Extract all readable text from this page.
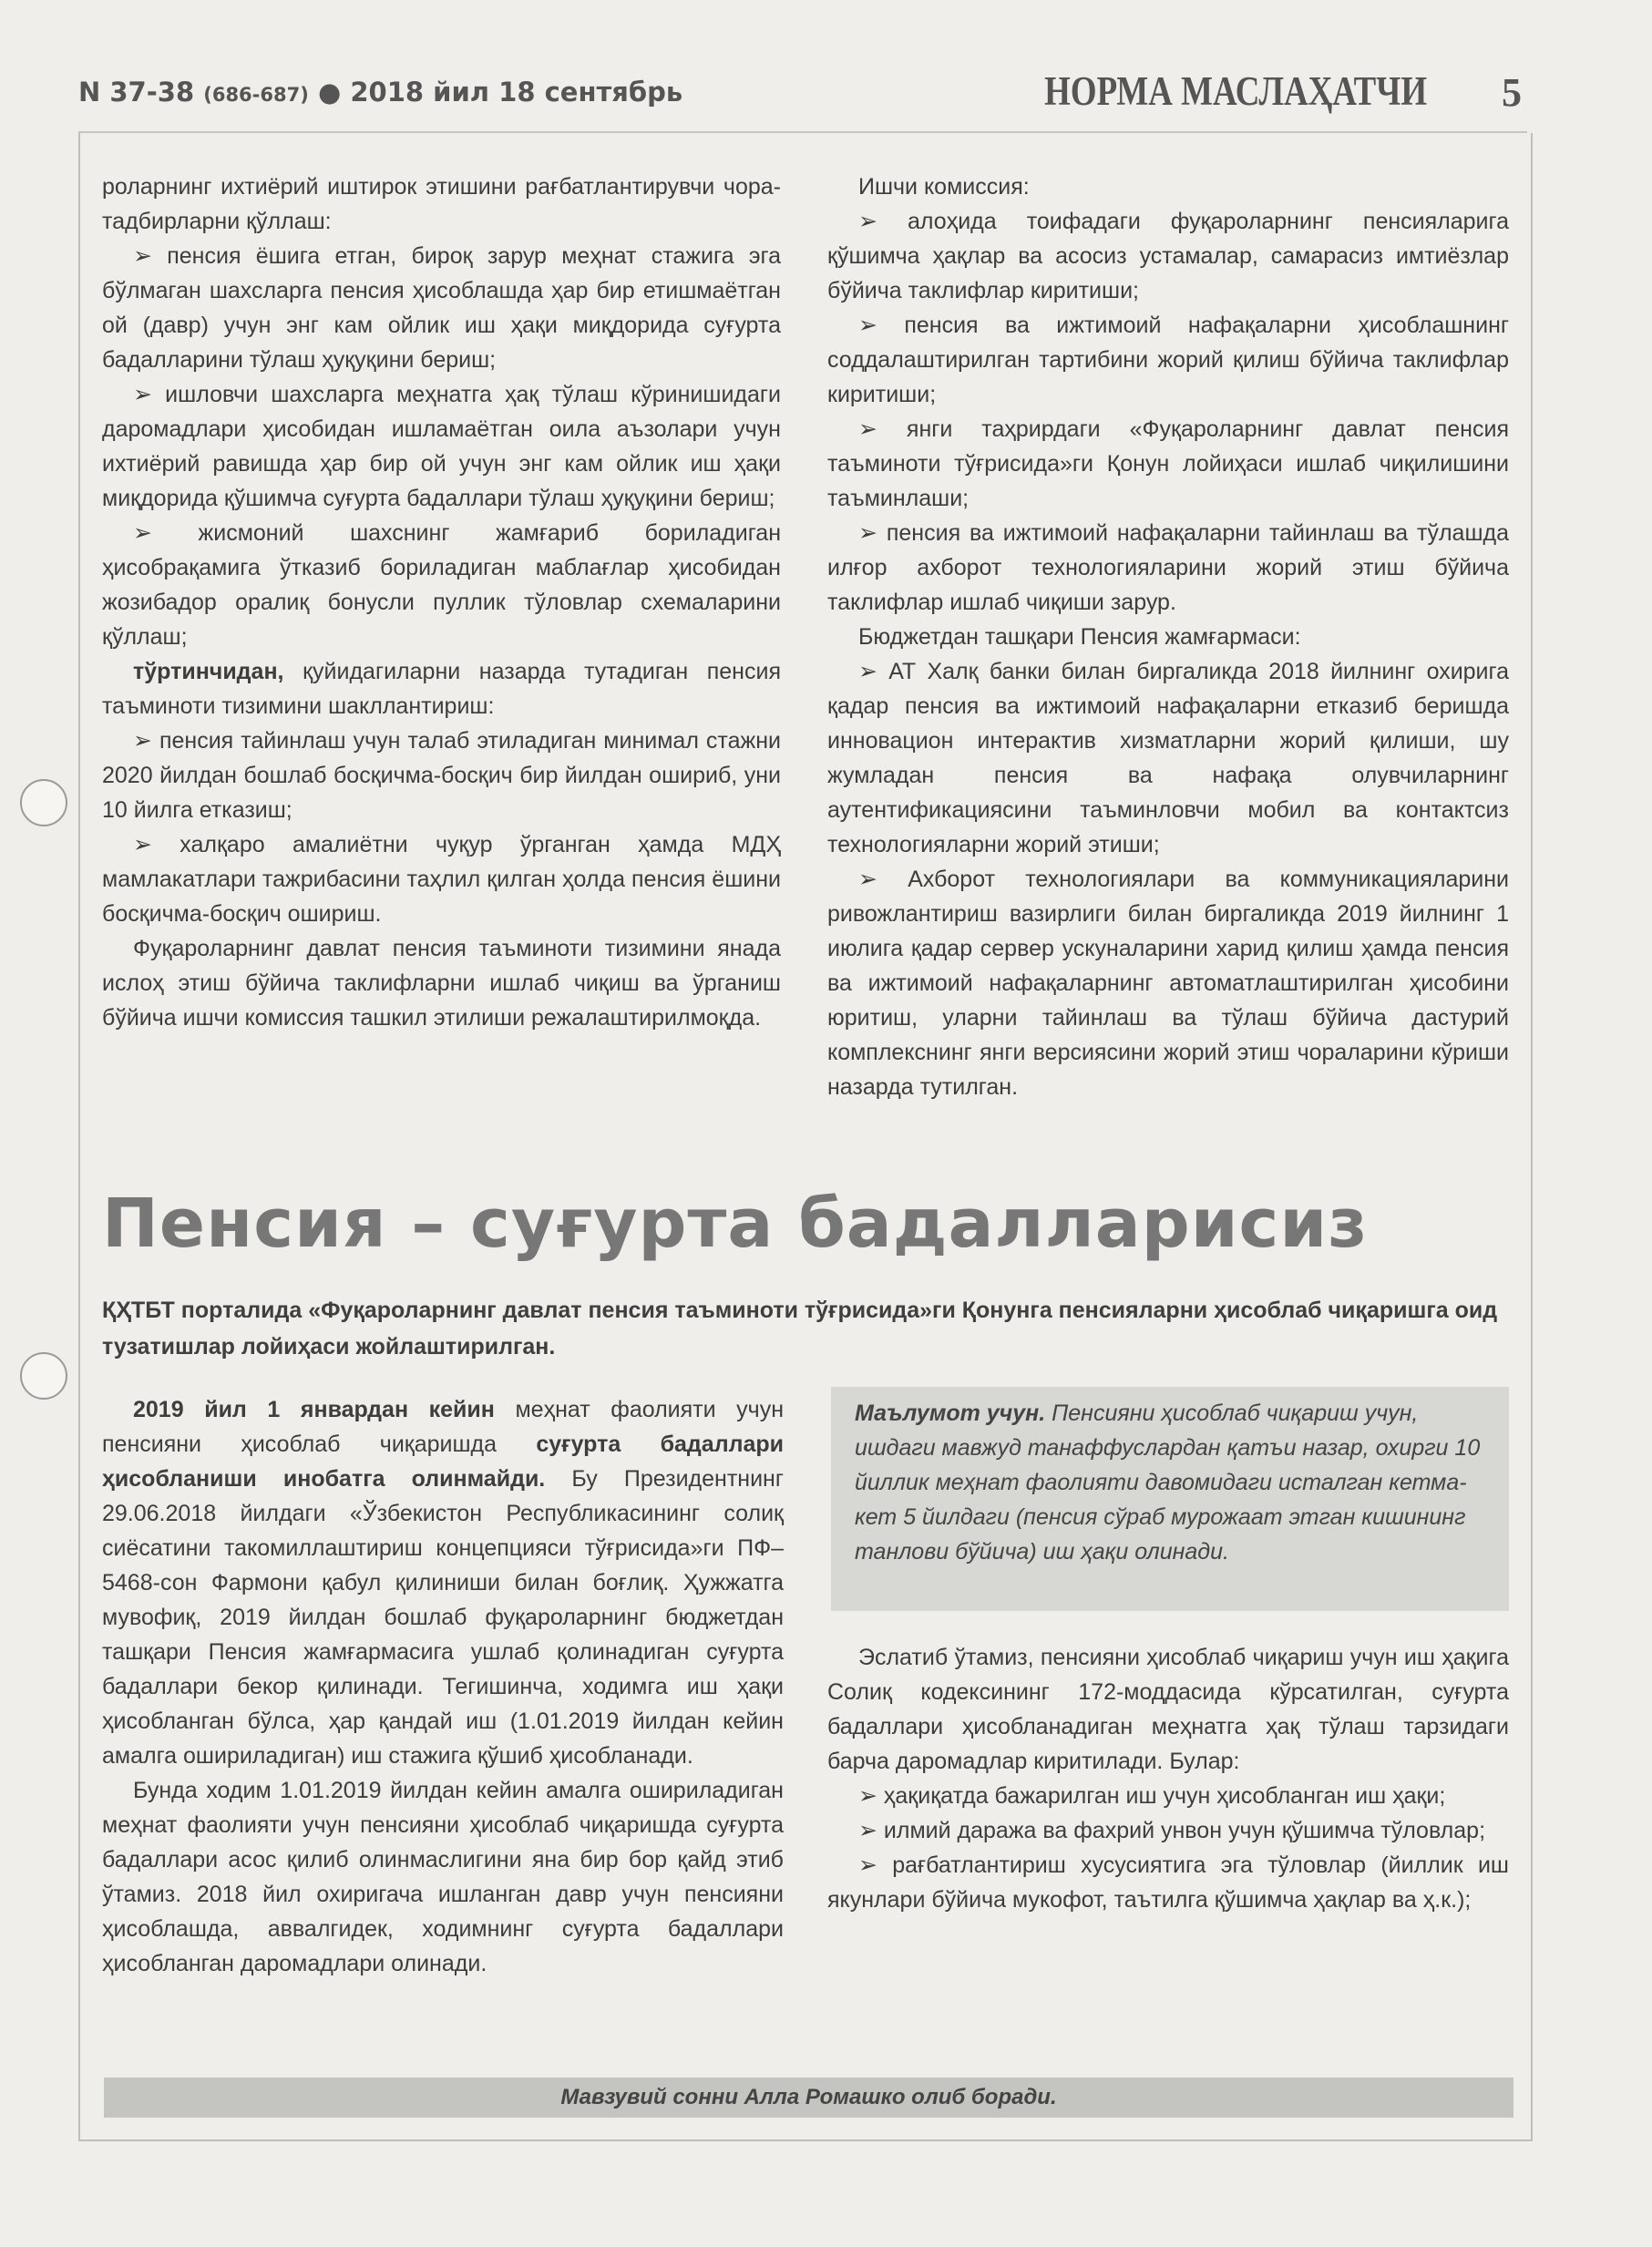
N 37-38 (686-687) ● 2018 йил 18 сентябрь	НОРМА МАСЛАҲАТЧИ 5

роларнинг ихтиёрий иштирок этишини рағбатлантирувчи чора-тадбирларни қўллаш:

➢ пенсия ёшига етган, бироқ зарур меҳнат стажига эга бўлмаган шахсларга пенсия ҳисоблашда ҳар бир етишмаётган ой (давр) учун энг кам ойлик иш ҳақи миқдорида суғурта бадалларини тўлаш ҳуқуқини бериш;

➢ ишловчи шахсларга меҳнатга ҳақ тўлаш кўринишидаги даромадлари ҳисобидан ишламаётган оила аъзолари учун ихтиёрий равишда ҳар бир ой учун энг кам ойлик иш ҳақи миқдорида қўшимча суғурта бадаллари тўлаш ҳуқуқини бериш;

➢ жисмоний шахснинг жамғариб бориладиган ҳисобрақамига ўтказиб бориладиган маблағлар ҳисобидан жозибадор оралиқ бонусли пуллик тўловлар схемаларини қўллаш;

тўртинчидан, қуйидагиларни назарда тутадиган пенсия таъминоти тизимини шакллантириш:

➢ пенсия тайинлаш учун талаб этиладиган минимал стажни 2020 йилдан бошлаб босқичма-босқич бир йилдан ошириб, уни 10 йилга етказиш;

➢ халқаро амалиётни чуқур ўрганган ҳамда МДҲ мамлакатлари тажрибасини таҳлил қилган ҳолда пенсия ёшини босқичма-босқич ошириш.

Фуқароларнинг давлат пенсия таъминоти тизимини янада ислоҳ этиш бўйича таклифларни ишлаб чиқиш ва ўрганиш бўйича ишчи комиссия ташкил этилиши режалаштирилмоқда.

Ишчи комиссия:

➢ алоҳида тоифадаги фуқароларнинг пенсияларига қўшимча ҳақлар ва асосиз устамалар, самарасиз имтиёзлар бўйича таклифлар киритиши;

➢ пенсия ва ижтимоий нафақаларни ҳисоблашнинг соддалаштирилган тартибини жорий қилиш бўйича таклифлар киритиши;

➢ янги таҳрирдаги «Фуқароларнинг давлат пенсия таъминоти тўғрисида»ги Қонун лойиҳаси ишлаб чиқилишини таъминлаши;

➢ пенсия ва ижтимоий нафақаларни тайинлаш ва тўлашда илғор ахборот технологияларини жорий этиш бўйича таклифлар ишлаб чиқиши зарур.

Бюджетдан ташқари Пенсия жамғармаси:

➢ АТ Халқ банки билан биргаликда 2018 йилнинг охирига қадар пенсия ва ижтимоий нафақаларни етказиб беришда инновацион интерактив хизматларни жорий қилиши, шу жумладан пенсия ва нафақа олувчиларнинг аутентификациясини таъминловчи мобил ва контактсиз технологияларни жорий этиши;

➢ Ахборот технологиялари ва коммуникацияларини ривожлантириш вазирлиги билан биргаликда 2019 йилнинг 1 июлига қадар сервер ускуналарини харид қилиш ҳамда пенсия ва ижтимоий нафақаларнинг автоматлаштирилган ҳисобини юритиш, уларни тайинлаш ва тўлаш бўйича дастурий комплекснинг янги версиясини жорий этиш чораларини кўриши назарда тутилган.

Пенсия – суғурта бадалларисиз
ҚҲТБТ порталида «Фуқароларнинг давлат пенсия таъминоти тўғрисида»ги Қонунга пенсияларни ҳисоблаб чиқаришга оид тузатишлар лойиҳаси жойлаштирилган.

2019 йил 1 январдан кейин меҳнат фаолияти учун пенсияни ҳисоблаб чиқаришда суғурта бадаллари ҳисобланиши инобатга олинмайди. Бу Президентнинг 29.06.2018 йилдаги «Ўзбекистон Республикасининг солиқ сиёсатини такомиллаштириш концепцияси тўғрисида»ги ПФ–5468-сон Фармони қабул қилиниши билан боғлиқ. Ҳужжатга мувофиқ, 2019 йилдан бошлаб фуқароларнинг бюджетдан ташқари Пенсия жамғармасига ушлаб қолинадиган суғурта бадаллари бекор қилинади. Тегишинча, ходимга иш ҳақи ҳисобланган бўлса, ҳар қандай иш (1.01.2019 йилдан кейин амалга ошириладиган) иш стажига қўшиб ҳисобланади.

Бунда ходим 1.01.2019 йилдан кейин амалга ошириладиган меҳнат фаолияти учун пенсияни ҳисоблаб чиқаришда суғурта бадаллари асос қилиб олинмаслигини яна бир бор қайд этиб ўтамиз. 2018 йил охиригача ишланган давр учун пенсияни ҳисоблашда, аввалгидек, ходимнинг суғурта бадаллари ҳисобланган даромадлари олинади.

Маълумот учун. Пенсияни ҳисоблаб чиқариш учун, ишдаги мавжуд танаффуслардан қатъи назар, охирги 10 йиллик меҳнат фаолияти давомидаги исталган кетма-кет 5 йилдаги (пенсия сўраб мурожаат этган кишининг танлови бўйича) иш ҳақи олинади.

Эслатиб ўтамиз, пенсияни ҳисоблаб чиқариш учун иш ҳақига Солиқ кодексининг 172-моддасида кўрсатилган, суғурта бадаллари ҳисобланадиган меҳнатга ҳақ тўлаш тарзидаги барча даромадлар киритилади. Булар:

➢ ҳақиқатда бажарилган иш учун ҳисобланган иш ҳақи;

➢ илмий даража ва фахрий унвон учун қўшимча тўловлар;

➢ рағбатлантириш хусусиятига эга тўловлар (йиллик иш якунлари бўйича мукофот, таътилга қўшимча ҳақлар ва ҳ.к.);

Мавзувий сонни Алла Ромашко олиб боради.
